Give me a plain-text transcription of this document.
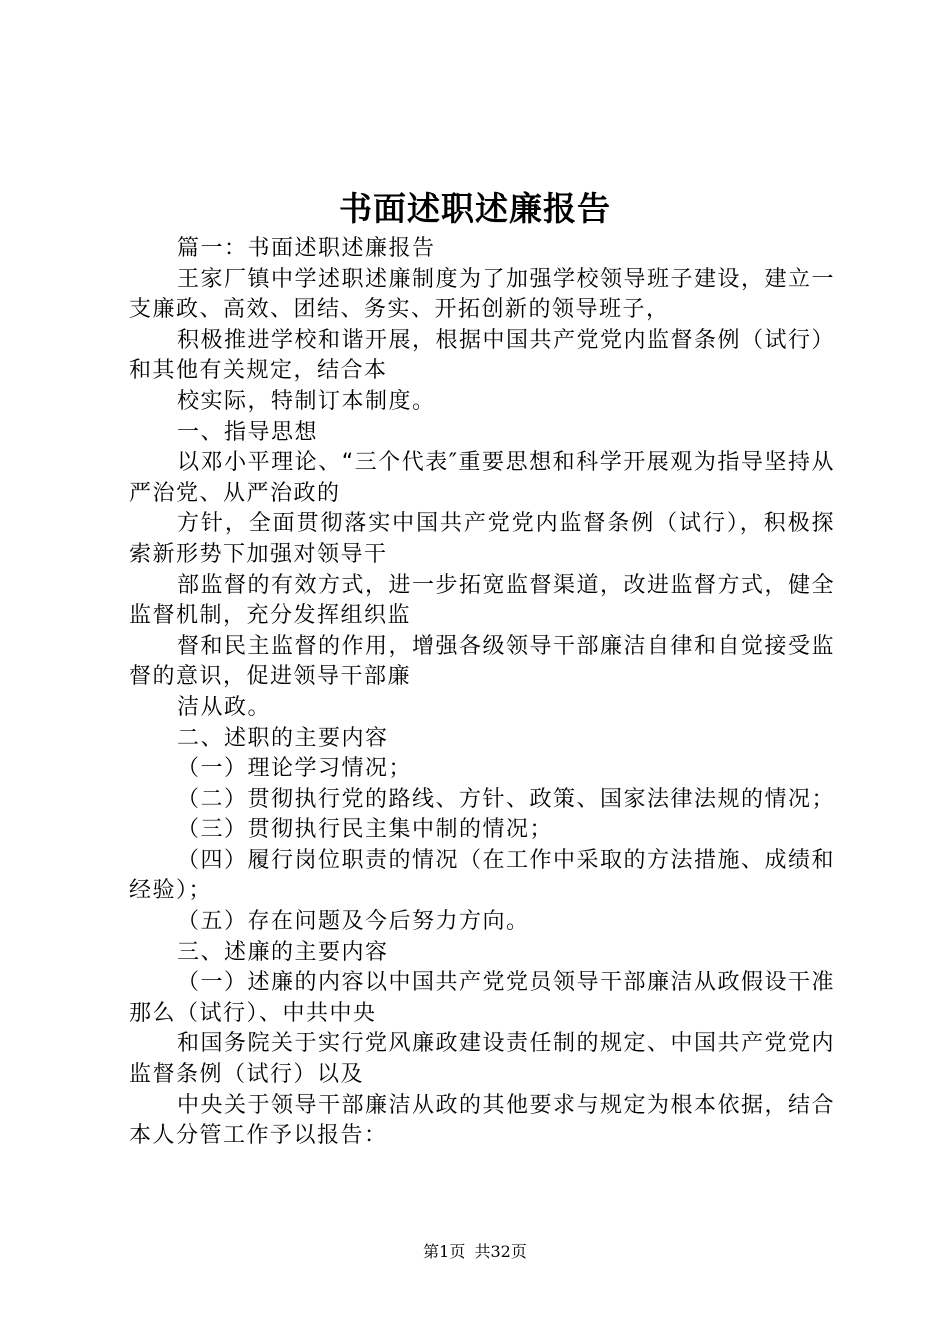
书面述职述廉报告

篇一：书面述职述廉报告

王家厂镇中学述职述廉制度为了加强学校领导班子建设，建立一支廉政、高效、团结、务实、开拓创新的领导班子，

积极推进学校和谐开展，根据中国共产党党内监督条例（试行）和其他有关规定，结合本

校实际，特制订本制度。

一、指导思想

以邓小平理论、“三个代表″重要思想和科学开展观为指导坚持从严治党、从严治政的

方针，全面贯彻落实中国共产党党内监督条例（试行），积极探索新形势下加强对领导干

部监督的有效方式，进一步拓宽监督渠道，改进监督方式，健全监督机制，充分发挥组织监

督和民主监督的作用，增强各级领导干部廉洁自律和自觉接受监督的意识，促进领导干部廉

洁从政。

二、述职的主要内容

（一）理论学习情况；

（二）贯彻执行党的路线、方针、政策、国家法律法规的情况；

（三）贯彻执行民主集中制的情况；

（四）履行岗位职责的情况（在工作中采取的方法措施、成绩和经验）；

（五）存在问题及今后努力方向。

三、述廉的主要内容

（一）述廉的内容以中国共产党党员领导干部廉洁从政假设干准那么（试行）、中共中央

和国务院关于实行党风廉政建设责任制的规定、中国共产党党内监督条例（试行）以及

中央关于领导干部廉洁从政的其他要求与规定为根本依据，结合本人分管工作予以报告：

第1页 共32页
